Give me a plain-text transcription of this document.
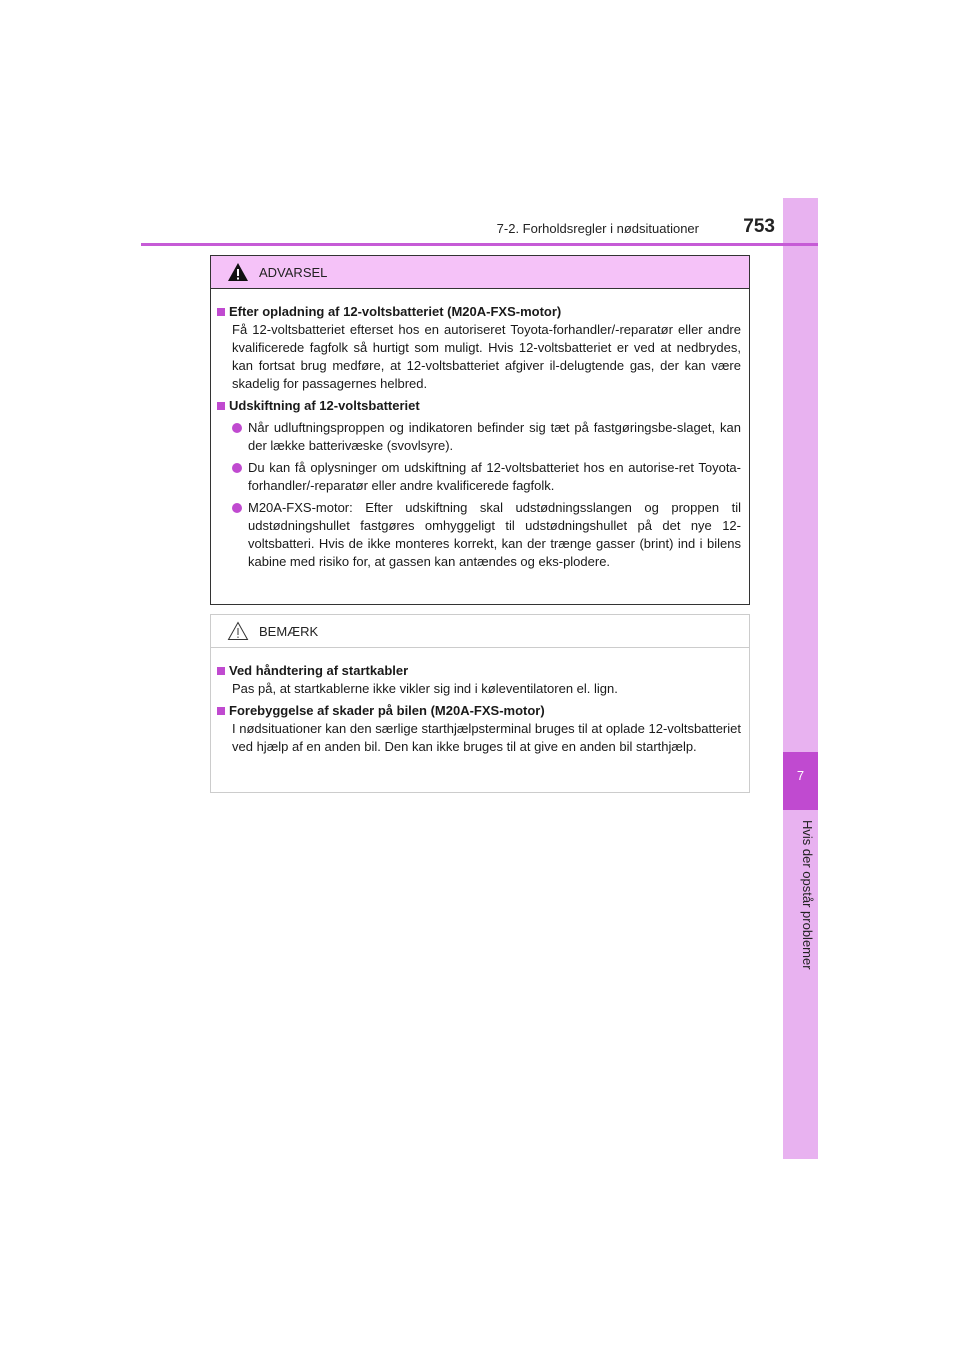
7
Hvis der opstår problemer
7-2. Forholdsregler i nødsituationer	753
ADVARSEL
Efter opladning af 12-voltsbatteriet (M20A-FXS-motor)
Få 12-voltsbatteriet efterset hos en autoriseret Toyota-forhandler/-reparatør eller andre kvalificerede fagfolk så hurtigt som muligt. Hvis 12-voltsbatteriet er ved at nedbrydes, kan fortsat brug medføre, at 12-voltsbatteriet afgiver il-delugtende gas, der kan være skadelig for passagernes helbred.
Udskiftning af 12-voltsbatteriet
Når udluftningsproppen og indikatoren befinder sig tæt på fastgøringsbe-slaget, kan der lække batterivæske (svovlsyre).
Du kan få oplysninger om udskiftning af 12-voltsbatteriet hos en autorise-ret Toyota-forhandler/-reparatør eller andre kvalificerede fagfolk.
M20A-FXS-motor: Efter udskiftning skal udstødningsslangen og proppen til udstødningshullet fastgøres omhyggeligt til udstødningshullet på det nye 12-voltsbatteri. Hvis de ikke monteres korrekt, kan der trænge gasser (brint) ind i bilens kabine med risiko for, at gassen kan antændes og eks-plodere.
BEMÆRK
Ved håndtering af startkabler
Pas på, at startkablerne ikke vikler sig ind i køleventilatoren el. lign.
Forebyggelse af skader på bilen (M20A-FXS-motor)
I nødsituationer kan den særlige starthjælpsterminal bruges til at oplade 12-voltsbatteriet ved hjælp af en anden bil. Den kan ikke bruges til at give en anden bil starthjælp.
